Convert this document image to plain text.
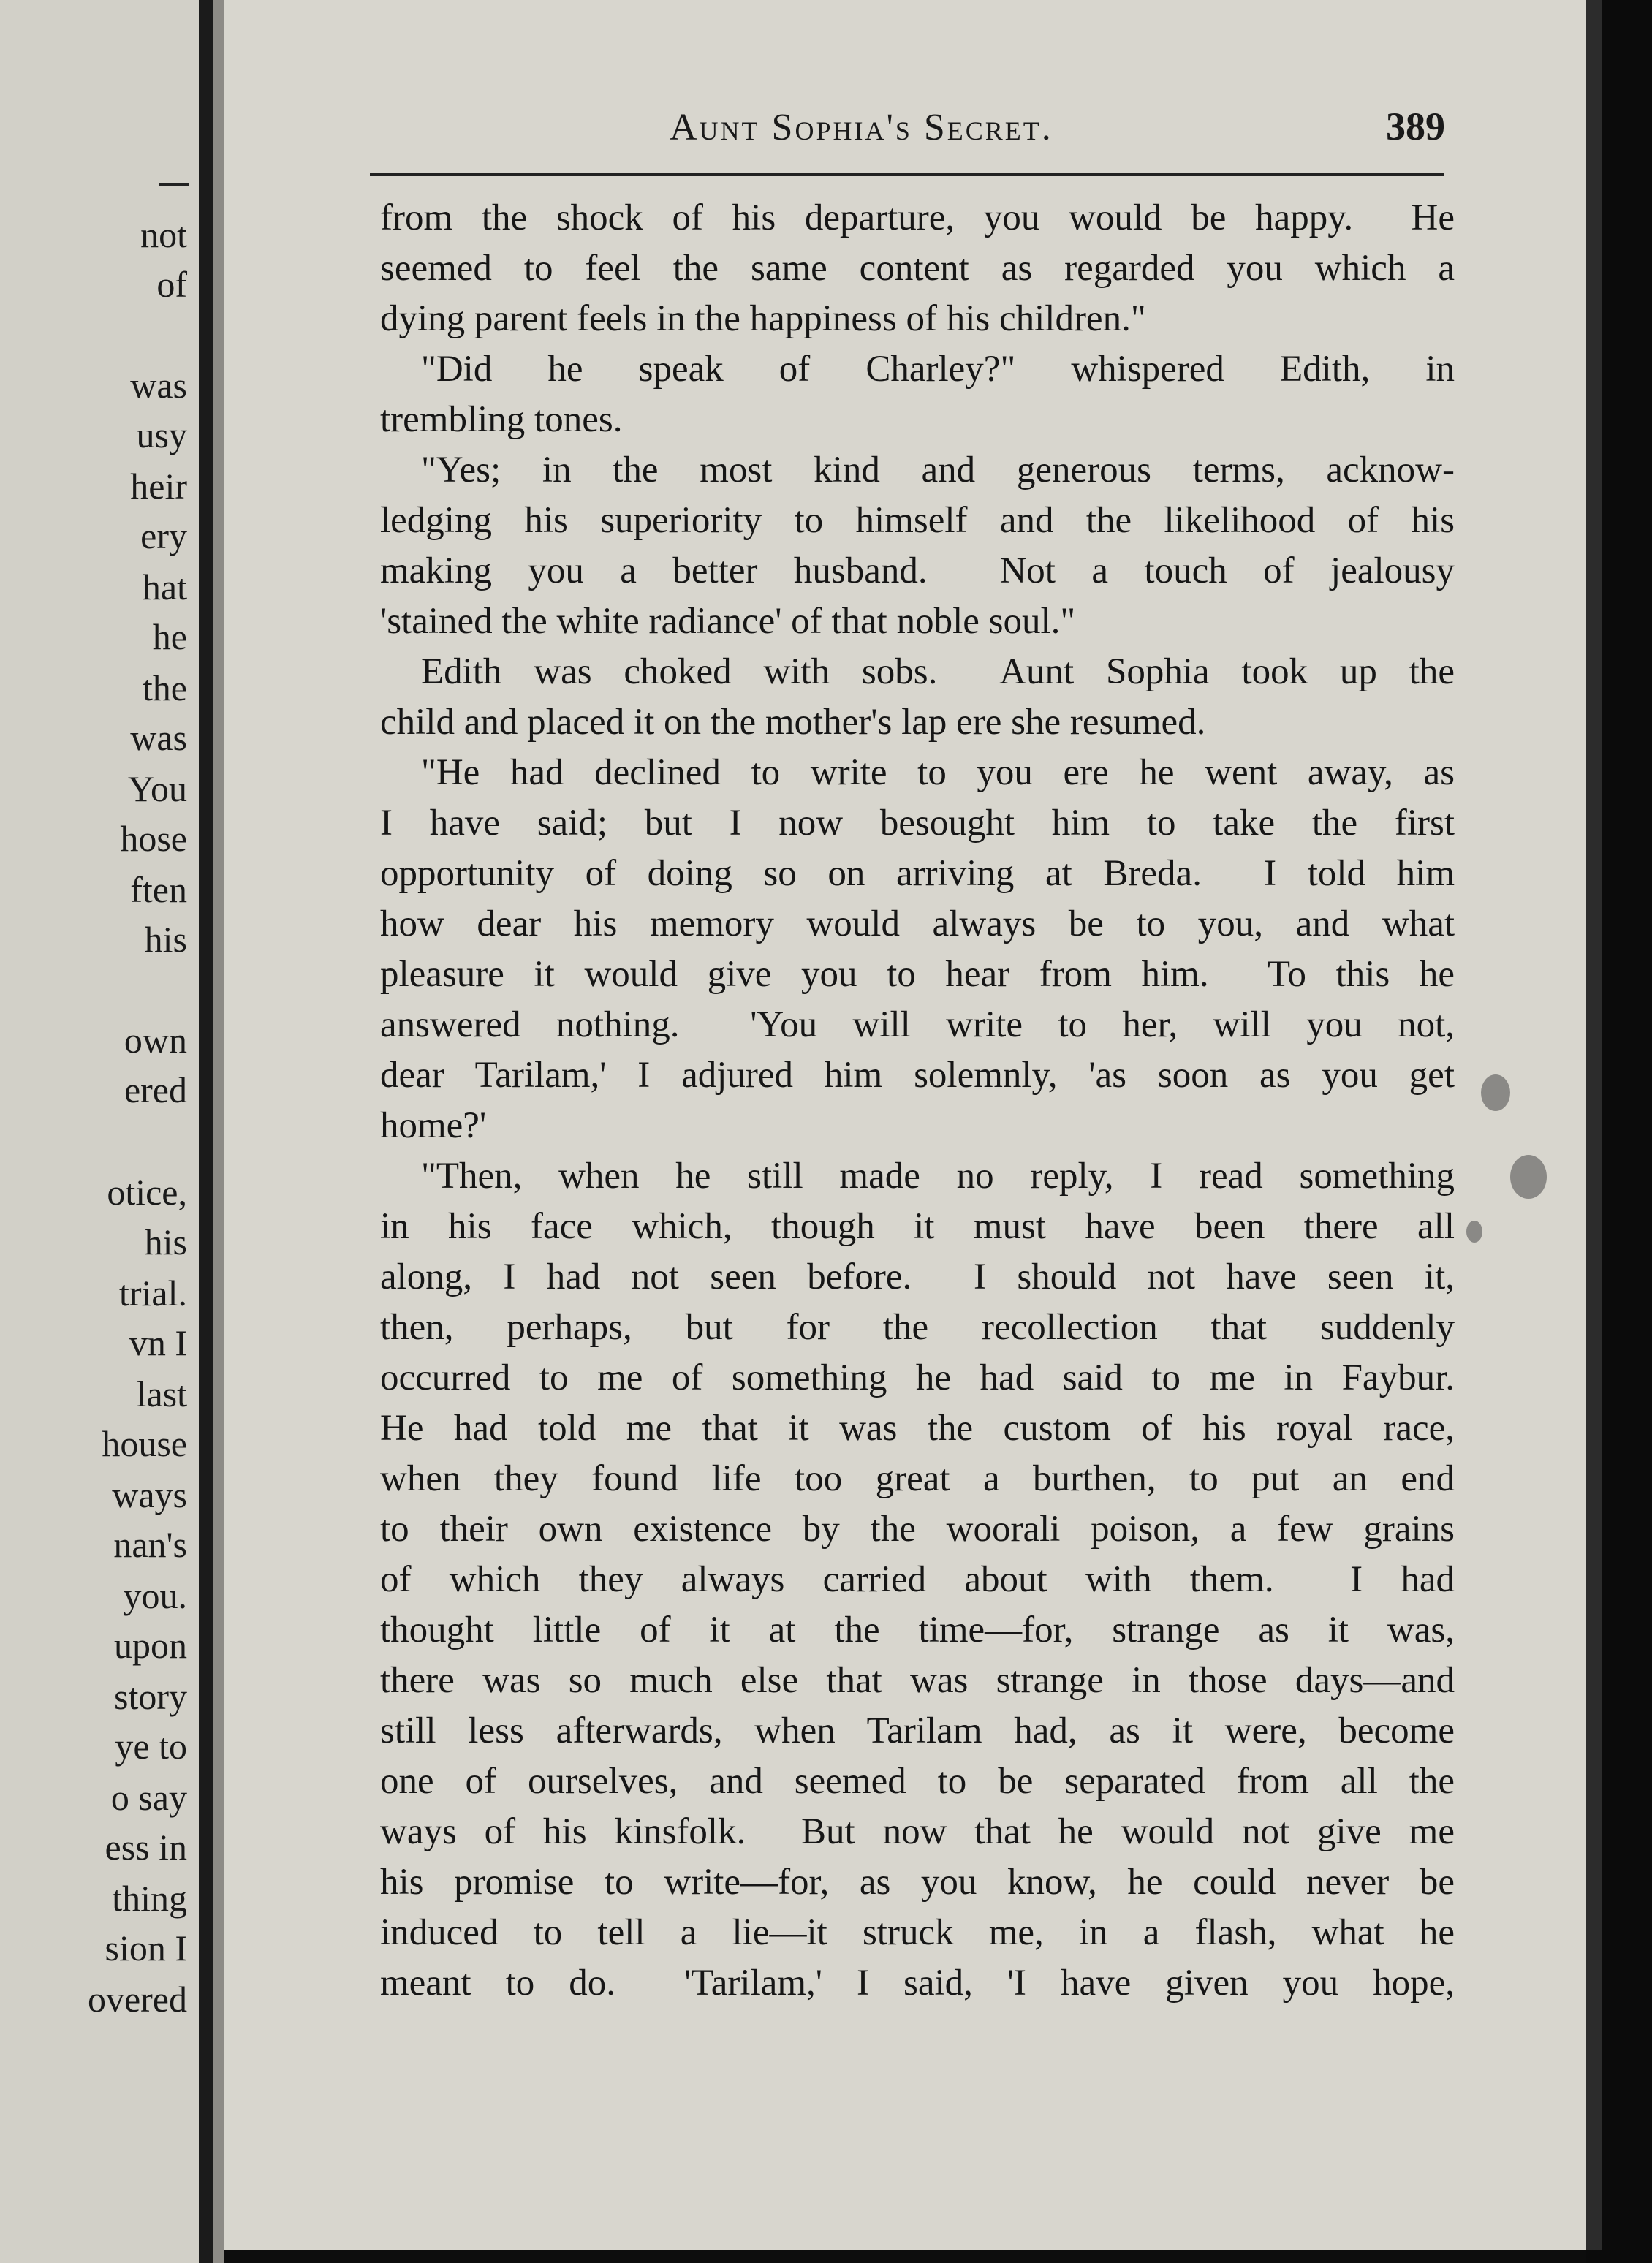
not
of
was
usy
heir
ery
hat
he
the
was
You
hose
ften
his
own
ered
otice,
his
trial.
vn I
last
house
ways
nan's
you.
upon
story
ye to
o say
ess in
thing
sion I
overed
Aunt Sophia's Secret.	389
from the shock of his departure, you would be happy.  He
seemed to feel the same content as regarded you which a
dying parent feels in the happiness of his children."
"Did he speak of Charley?" whispered Edith, in
trembling tones.
"Yes; in the most kind and generous terms, acknow-
ledging his superiority to himself and the likelihood of his
making you a better husband.  Not a touch of jealousy
'stained the white radiance' of that noble soul."
Edith was choked with sobs.  Aunt Sophia took up the
child and placed it on the mother's lap ere she resumed.
"He had declined to write to you ere he went away, as
I have said; but I now besought him to take the first
opportunity of doing so on arriving at Breda.  I told him
how dear his memory would always be to you, and what
pleasure it would give you to hear from him.  To this he
answered nothing.  'You will write to her, will you not,
dear Tarilam,' I adjured him solemnly, 'as soon as you get
home?'
"Then, when he still made no reply, I read something
in his face which, though it must have been there all
along, I had not seen before.  I should not have seen it,
then, perhaps, but for the recollection that suddenly
occurred to me of something he had said to me in Faybur.
He had told me that it was the custom of his royal race,
when they found life too great a burthen, to put an end
to their own existence by the woorali poison, a few grains
of which they always carried about with them.  I had
thought little of it at the time—for, strange as it was,
there was so much else that was strange in those days—and
still less afterwards, when Tarilam had, as it were, become
one of ourselves, and seemed to be separated from all the
ways of his kinsfolk.  But now that he would not give me
his promise to write—for, as you know, he could never be
induced to tell a lie—it struck me, in a flash, what he
meant to do.  'Tarilam,' I said, 'I have given you hope,
